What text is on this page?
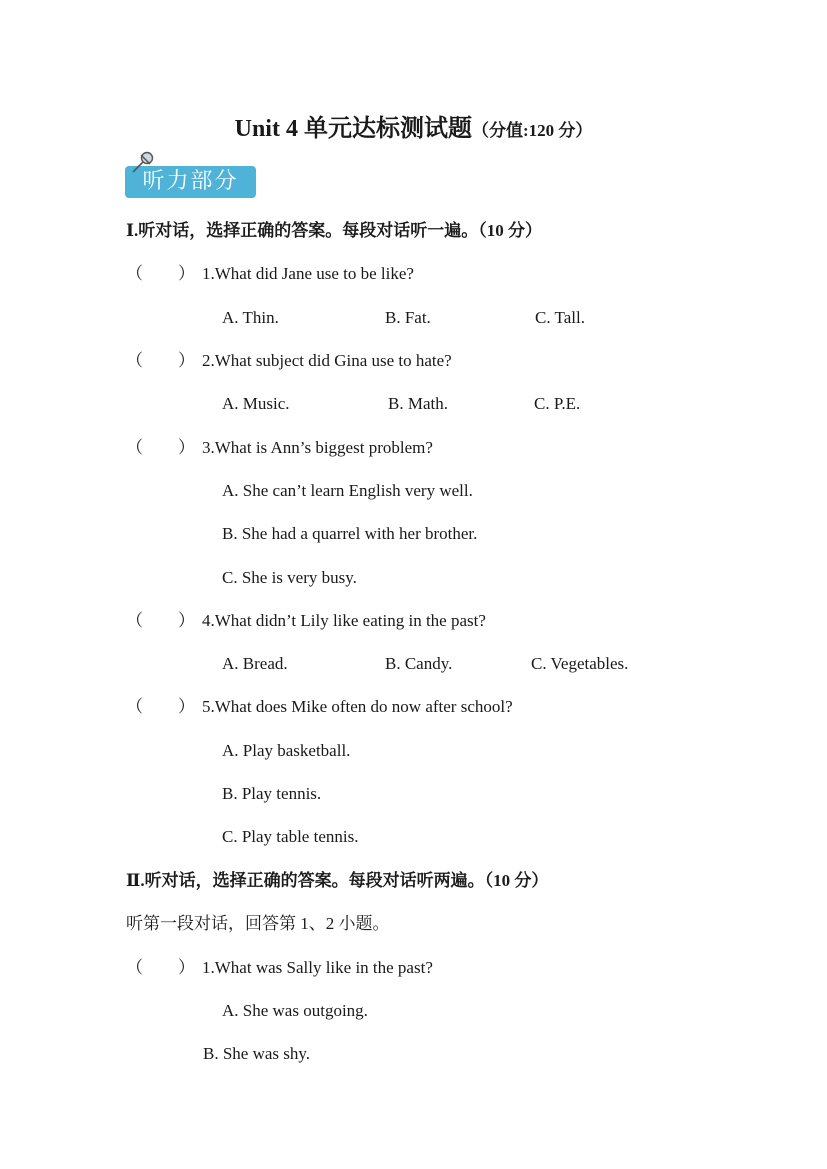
Unit 4 单元达标测试题（分值:120 分）
听力部分
Ⅰ.听对话，选择正确的答案。每段对话听一遍。（10 分）
（ ） 1.What did Jane use to be like?
A. Thin.	B. Fat.	C. Tall.
（ ） 2.What subject did Gina use to hate?
A. Music.	B. Math.	C. P.E.
（ ） 3.What is Ann’s biggest problem?
A. She can’t learn English very well.
B. She had a quarrel with her brother.
C. She is very busy.
（ ） 4.What didn’t Lily like eating in the past?
A. Bread.	B. Candy.	C. Vegetables.
（ ） 5.What does Mike often do now after school?
A. Play basketball.
B. Play tennis.
C. Play table tennis.
Ⅱ.听对话，选择正确的答案。每段对话听两遍。（10 分）
听第一段对话，回答第 1、2 小题。
（ ） 1.What was Sally like in the past?
A. She was outgoing.
B. She was shy.
